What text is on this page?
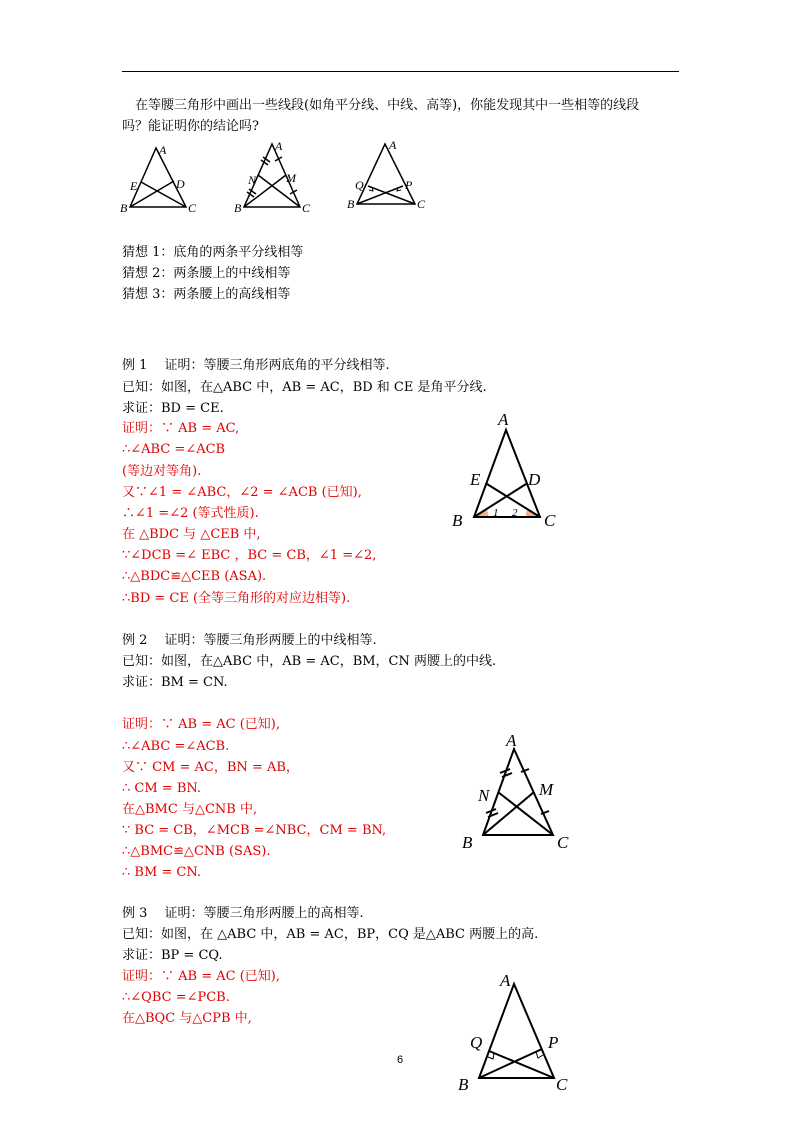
　在等腰三角形中画出一些线段(如角平分线、中线、高等)，你能发现其中一些相等的线段
吗？能证明你的结论吗?
A
B	C
E	D
A
B	C
N M
A
B	C
Q	P
猜想 1：底角的两条平分线相等
猜想 2：两条腰上的中线相等
猜想 3：两条腰上的高线相等
例 1　 证明：等腰三角形两底角的平分线相等.
已知：如图，在△ABC 中，AB = AC，BD 和 CE 是角平分线.
求证：BD = CE.
证明：∵ AB = AC,
∴∠ABC =∠ACB
(等边对等角).
又∵∠1 = ∠ABC，∠2 = ∠ACB (已知),
∴∠1 =∠2 (等式性质).
在 △BDC 与 △CEB 中,
∵∠DCB =∠ EBC ，BC = CB，∠1 =∠2,
∴△BDC≌△CEB (ASA).
∴BD = CE (全等三角形的对应边相等).
A
B	C
E	D
1 2
例 2　 证明：等腰三角形两腰上的中线相等.
已知：如图，在△ABC 中，AB = AC，BM，CN 两腰上的中线.
求证：BM = CN.
证明：∵ AB = AC (已知),
∴∠ABC =∠ACB.
又∵ CM = AC，BN = AB，
∴ CM = BN.
在△BMC 与△CNB 中,
∵ BC = CB，∠MCB =∠NBC，CM = BN,
∴△BMC≌△CNB (SAS).
∴ BM = CN.
A
B	C
N	M
例 3　 证明：等腰三角形两腰上的高相等.
已知：如图，在 △ABC 中，AB = AC，BP，CQ 是△ABC 两腰上的高.
求证：BP = CQ.
证明：∵ AB = AC (已知),
∴∠QBC =∠PCB.
在△BQC 与△CPB 中,
A
B	C
Q	P
6
